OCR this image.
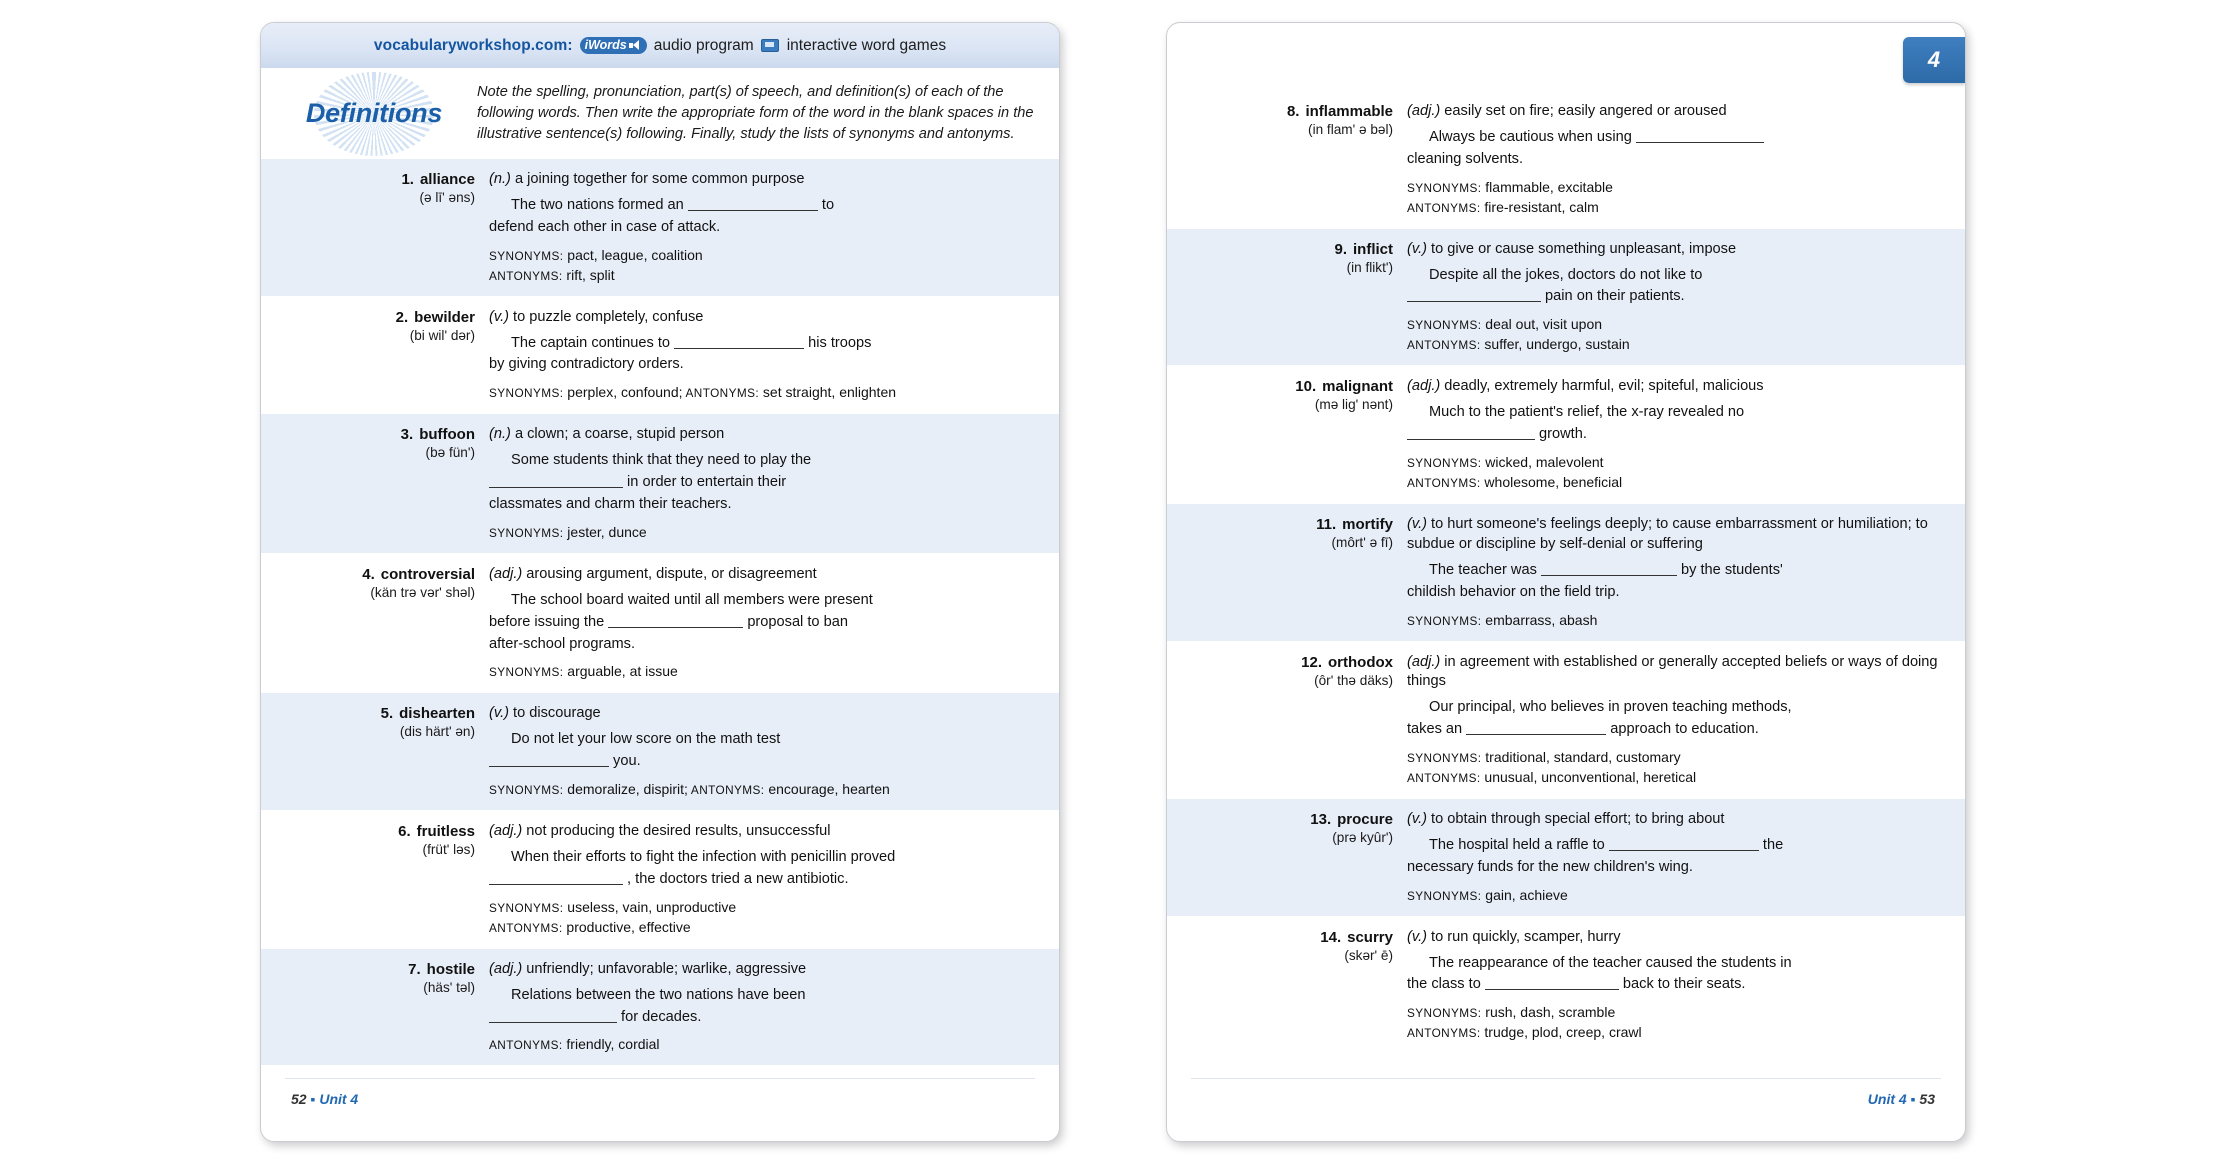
vocabularyworkshop.com: iWords audio program interactive word games
Definitions
Note the spelling, pronunciation, part(s) of speech, and definition(s) of each of the following words. Then write the appropriate form of the word in the blank spaces in the illustrative sentence(s) following. Finally, study the lists of synonyms and antonyms.
1. alliance
(ə līʹ əns)
(n.) a joining together for some common purpose
The two nations formed an	to
defend each other in case of attack.
SYNONYMS: pact, league, coalition
ANTONYMS: rift, split
2. bewilder
(bi wilʹ dər)
(v.) to puzzle completely, confuse
The captain continues to	his troops
by giving contradictory orders.
SYNONYMS: perplex, confound; ANTONYMS: set straight, enlighten
3. buffoon
(bə fünʹ)
(n.) a clown; a coarse, stupid person
Some students think that they need to play the
in order to entertain their
classmates and charm their teachers.
SYNONYMS: jester, dunce
4. controversial
(kän trə vərʹ shəl)
(adj.) arousing argument, dispute, or disagreement
The school board waited until all members were present
before issuing the	proposal to ban
after-school programs.
SYNONYMS: arguable, at issue
5. dishearten
(dis härtʹ ən)
(v.) to discourage
Do not let your low score on the math test
you.
SYNONYMS: demoralize, dispirit; ANTONYMS: encourage, hearten
6. fruitless
(frütʹ ləs)
(adj.) not producing the desired results, unsuccessful
When their efforts to fight the infection with penicillin proved
, the doctors tried a new antibiotic.
SYNONYMS: useless, vain, unproductive
ANTONYMS: productive, effective
7. hostile
(häsʹ təl)
(adj.) unfriendly; unfavorable; warlike, aggressive
Relations between the two nations have been
for decades.
ANTONYMS: friendly, cordial
52 ▪ Unit 4
4
8. inflammable
(in flamʹ ə bəl)
(adj.) easily set on fire; easily angered or aroused
Always be cautious when using
cleaning solvents.
SYNONYMS: flammable, excitable
ANTONYMS: fire-resistant, calm
9. inflict
(in fliktʹ)
(v.) to give or cause something unpleasant, impose
Despite all the jokes, doctors do not like to
pain on their patients.
SYNONYMS: deal out, visit upon
ANTONYMS: suffer, undergo, sustain
10. malignant
(mə ligʹ nənt)
(adj.) deadly, extremely harmful, evil; spiteful, malicious
Much to the patient's relief, the x-ray revealed no
growth.
SYNONYMS: wicked, malevolent
ANTONYMS: wholesome, beneficial
11. mortify
(môrtʹ ə fī)
(v.) to hurt someone's feelings deeply; to cause embarrassment or humiliation; to subdue or discipline by self-denial or suffering
The teacher was	by the students'
childish behavior on the field trip.
SYNONYMS: embarrass, abash
12. orthodox
(ôrʹ thə däks)
(adj.) in agreement with established or generally accepted beliefs or ways of doing things
Our principal, who believes in proven teaching methods,
takes an	approach to education.
SYNONYMS: traditional, standard, customary
ANTONYMS: unusual, unconventional, heretical
13. procure
(prə kyûrʹ)
(v.) to obtain through special effort; to bring about
The hospital held a raffle to	the
necessary funds for the new children's wing.
SYNONYMS: gain, achieve
14. scurry
(skərʹ ē)
(v.) to run quickly, scamper, hurry
The reappearance of the teacher caused the students in
the class to	back to their seats.
SYNONYMS: rush, dash, scramble
ANTONYMS: trudge, plod, creep, crawl
Unit 4 ▪ 53
